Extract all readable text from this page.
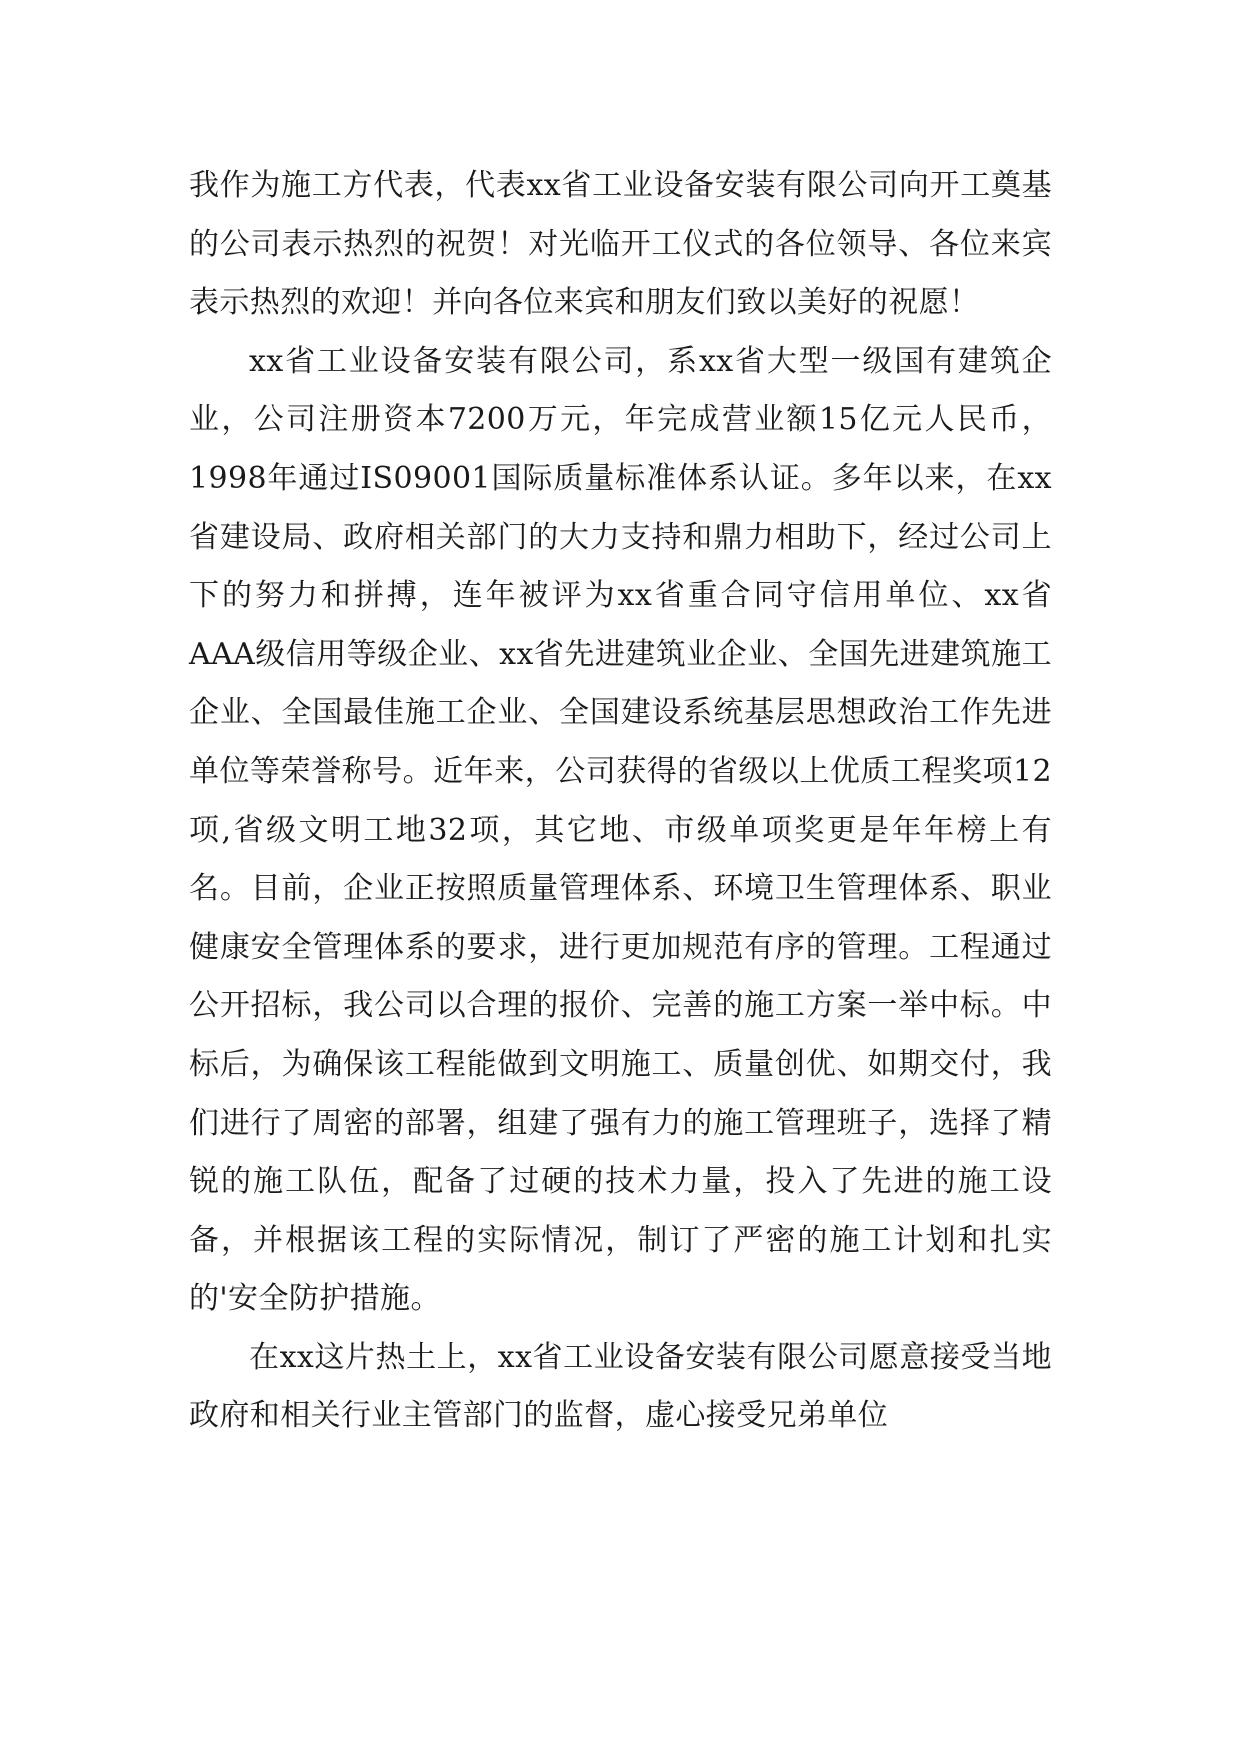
我作为施工方代表，代表xx省工业设备安装有限公司向开工奠基的公司表示热烈的祝贺！对光临开工仪式的各位领导、各位来宾表示热烈的欢迎！并向各位来宾和朋友们致以美好的祝愿！

xx省工业设备安装有限公司，系xx省大型一级国有建筑企业，公司注册资本7200万元，年完成营业额15亿元人民币，1998年通过IS09001国际质量标准体系认证。多年以来，在xx省建设局、政府相关部门的大力支持和鼎力相助下，经过公司上下的努力和拼搏，连年被评为xx省重合同守信用单位、xx省AAA级信用等级企业、xx省先进建筑业企业、全国先进建筑施工企业、全国最佳施工企业、全国建设系统基层思想政治工作先进单位等荣誉称号。近年来，公司获得的省级以上优质工程奖项12项,省级文明工地32项，其它地、市级单项奖更是年年榜上有名。目前，企业正按照质量管理体系、环境卫生管理体系、职业健康安全管理体系的要求，进行更加规范有序的管理。工程通过公开招标，我公司以合理的报价、完善的施工方案一举中标。中标后，为确保该工程能做到文明施工、质量创优、如期交付，我们进行了周密的部署，组建了强有力的施工管理班子，选择了精锐的施工队伍，配备了过硬的技术力量，投入了先进的施工设备，并根据该工程的实际情况，制订了严密的施工计划和扎实的'安全防护措施。

在xx这片热土上，xx省工业设备安装有限公司愿意接受当地政府和相关行业主管部门的监督，虚心接受兄弟单位
